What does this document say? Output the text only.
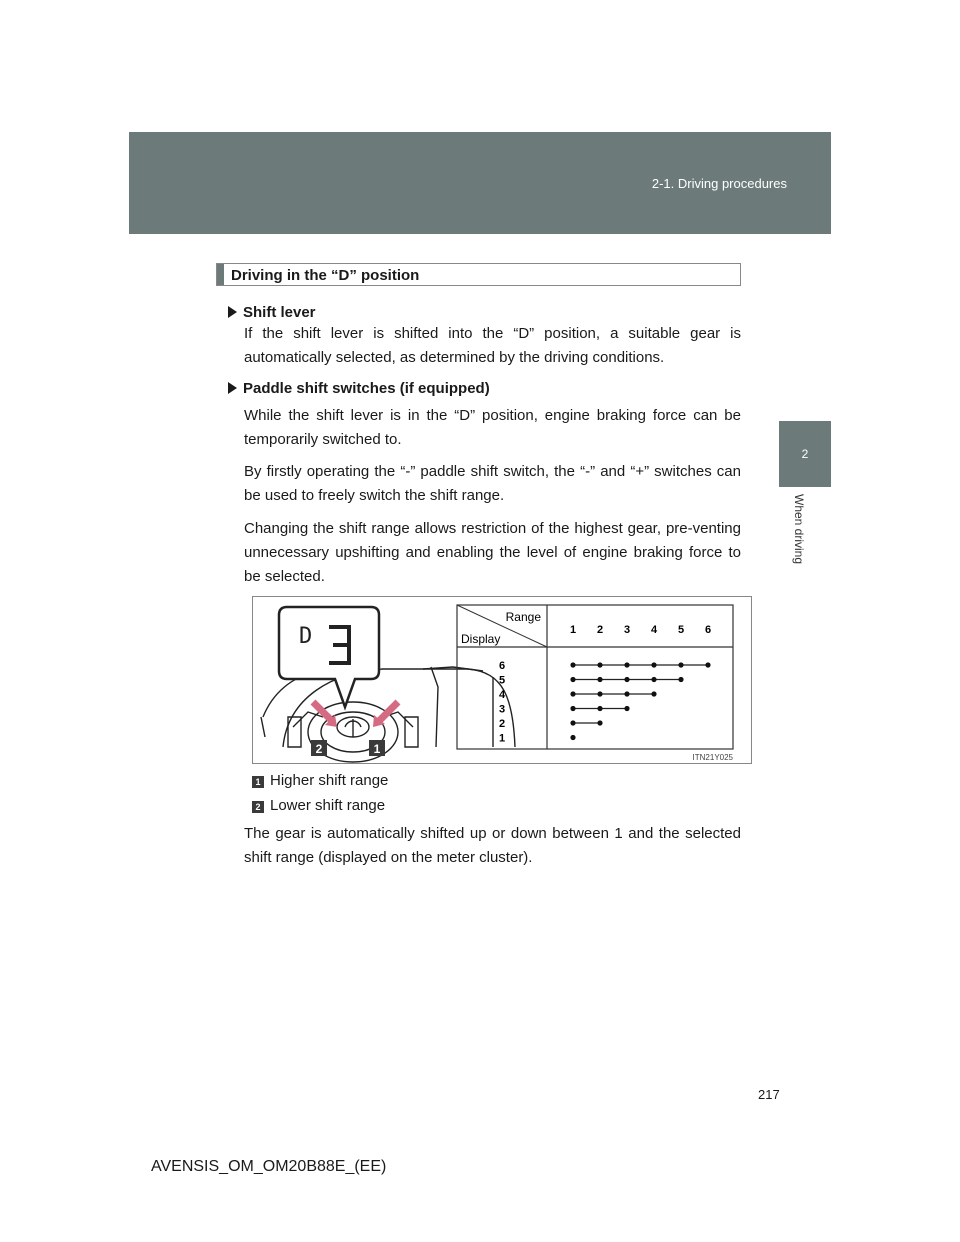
2-1. Driving procedures
2
When driving
Driving in the “D” position
Shift lever
If the shift lever is shifted into the “D” position, a suitable gear is automatically selected, as determined by the driving conditions.
Paddle shift switches (if equipped)
While the shift lever is in the “D” position, engine braking force can be temporarily switched to.
By firstly operating the “-” paddle shift switch, the “-” and “+” switches can be used to freely switch the shift range.
Changing the shift range allows restriction of the highest gear, pre-venting unnecessary upshifting and enabling the level of engine braking force to be selected.
2	1
D
Range
Display
1 2 3 4 5 6
6
5
4
3
2
1
ITN21Y025
1 Higher shift range
2 Lower shift range
The gear is automatically shifted up or down between 1 and the selected shift range (displayed on the meter cluster).
217
AVENSIS_OM_OM20B88E_(EE)
